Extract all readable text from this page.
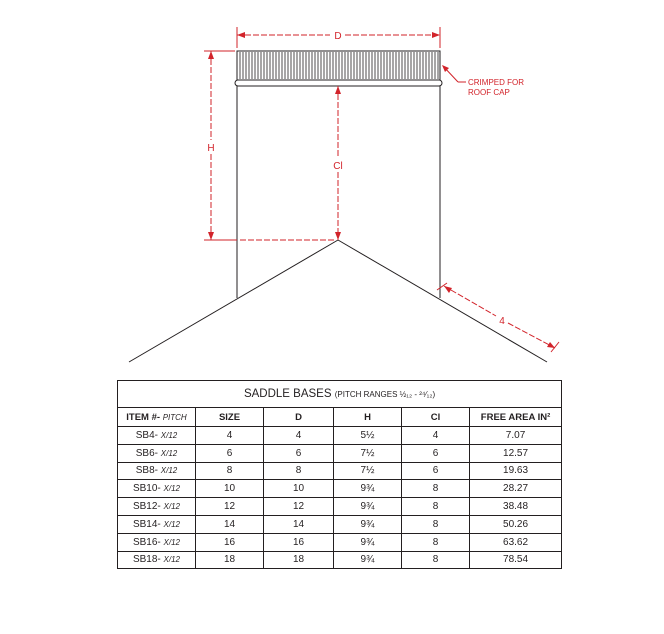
D
H
Cl
4
CRIMPED FOR
ROOF CAP
SADDLE BASES (PITCH RANGES ½₁₂ - ²⁴⁄₁₂)					
ITEM #- PITCH	SIZE	D	H	Cl	FREE AREA IN²
SB4- X/12	4	4	5½	4	7.07
SB6- X/12	6	6	7½	6	12.57
SB8- X/12	8	8	7½	6	19.63
SB10- X/12	10	10	9¾	8	28.27
SB12- X/12	12	12	9¾	8	38.48
SB14- X/12	14	14	9¾	8	50.26
SB16- X/12	16	16	9¾	8	63.62
SB18- X/12	18	18	9¾	8	78.54
